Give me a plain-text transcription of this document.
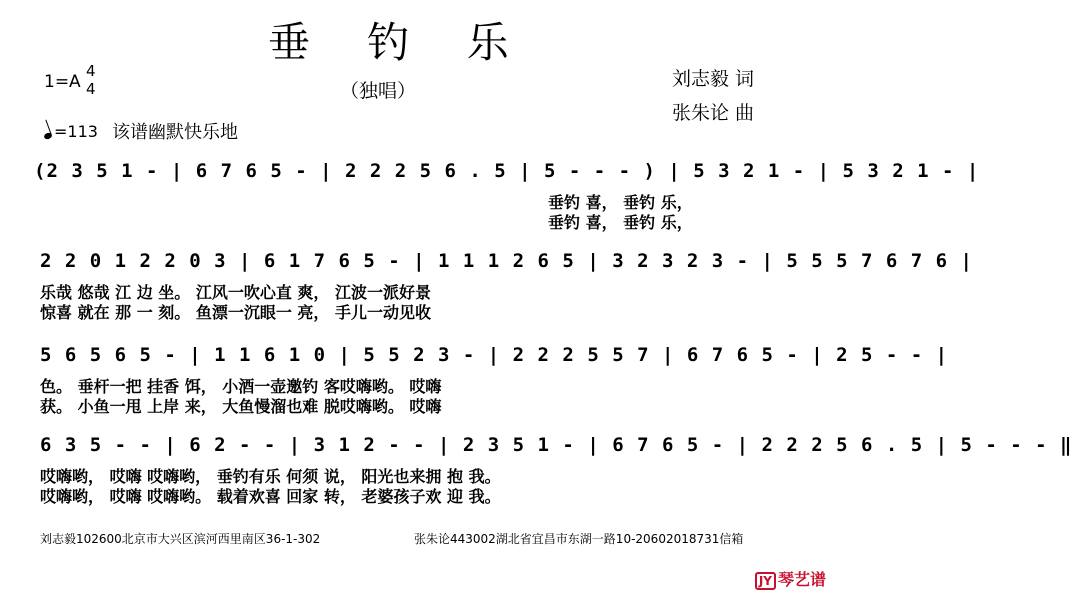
垂 钓 乐
（独唱）
1=A
4
4	刘志毅 词
张朱论 曲
=113 该谱幽默快乐地
(2 3 5 1 - | 6 7 6 5 - | 2 2 2 5 6 . 5 | 5 - - - ) | 5 3 2 1 - | 5 3 2 1 - |
垂钓 喜， 垂钓 乐，
垂钓 喜， 垂钓 乐，
2 2 0 1 2 2 0 3 | 6 1 7 6 5 - | 1 1 1 2 6 5 | 3 2 3 2 3 - | 5 5 5 7 6 7 6 |
乐哉 悠哉 江 边 坐。 江风一吹心直 爽， 江波一派好景
惊喜 就在 那 一 刻。 鱼漂一沉眼一 亮， 手儿一动见收
5 6 5 6 5 - | 1 1 6 1 0 | 5 5 2 3 - | 2 2 2 5 5 7 | 6 7 6 5 - | 2 5 - - |
色。 垂杆一把 挂香 饵， 小酒一壶邀钓 客哎嗨哟。 哎嗨
获。 小鱼一甩 上岸 来， 大鱼慢溜也难 脱哎嗨哟。 哎嗨
6 3 5 - - | 6 2 - - | 3 1 2 - - | 2 3 5 1 - | 6 7 6 5 - | 2 2 2 5 6 . 5 | 5 - - - ‖
哎嗨哟， 哎嗨 哎嗨哟， 垂钓有乐 何须 说， 阳光也来拥 抱 我。
哎嗨哟， 哎嗨 哎嗨哟。 载着欢喜 回家 转， 老婆孩子欢 迎 我。
刘志毅102600北京市大兴区滨河西里南区36-1-302	张朱论443002湖北省宜昌市东湖一路10-20602018731信箱
JY 琴艺谱
